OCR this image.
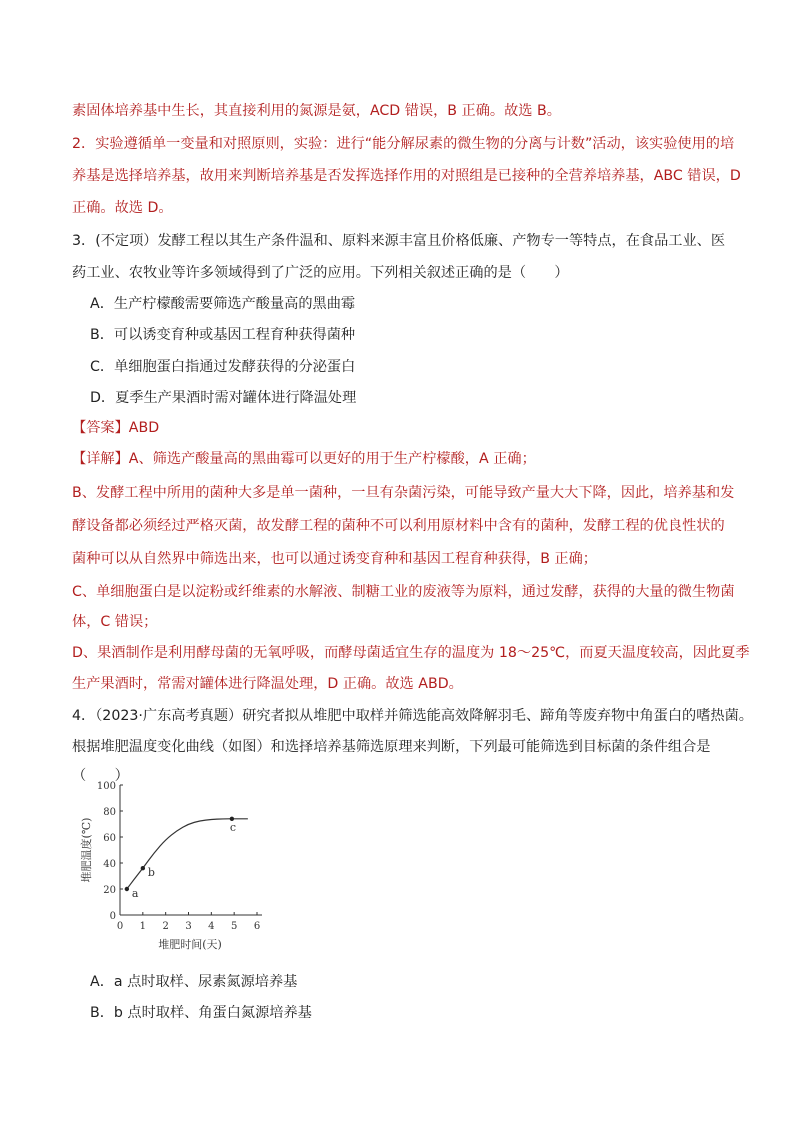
素固体培养基中生长，其直接利用的氮源是氨，ACD 错误，B 正确。故选 B。
2．实验遵循单一变量和对照原则，实验：进行“能分解尿素的微生物的分离与计数”活动，该实验使用的培
养基是选择培养基，故用来判断培养基是否发挥选择作用的对照组是已接种的全营养培养基，ABC 错误，D
正确。故选 D。
3．(不定项）发酵工程以其生产条件温和、原料来源丰富且价格低廉、产物专一等特点，在食品工业、医
药工业、农牧业等许多领域得到了广泛的应用。下列相关叙述正确的是（　　）
A．生产柠檬酸需要筛选产酸量高的黑曲霉
B．可以诱变育种或基因工程育种获得菌种
C．单细胞蛋白指通过发酵获得的分泌蛋白
D．夏季生产果酒时需对罐体进行降温处理
【答案】ABD
【详解】A、筛选产酸量高的黑曲霉可以更好的用于生产柠檬酸，A 正确；
B、发酵工程中所用的菌种大多是单一菌种，一旦有杂菌污染，可能导致产量大大下降，因此，培养基和发
酵设备都必须经过严格灭菌，故发酵工程的菌种不可以利用原材料中含有的菌种，发酵工程的优良性状的
菌种可以从自然界中筛选出来，也可以通过诱变育种和基因工程育种获得，B 正确；
C、单细胞蛋白是以淀粉或纤维素的水解液、制糖工业的废液等为原料，通过发酵，获得的大量的微生物菌
体，C 错误；
D、果酒制作是利用酵母菌的无氧呼吸，而酵母菌适宜生存的温度为 18～25℃，而夏天温度较高，因此夏季
生产果酒时，常需对罐体进行降温处理，D 正确。故选 ABD。
4．（2023·广东高考真题）研究者拟从堆肥中取样并筛选能高效降解羽毛、蹄角等废弃物中角蛋白的嗜热菌。
根据堆肥温度变化曲线（如图）和选择培养基筛选原理来判断，下列最可能筛选到目标菌的条件组合是
（　　）
0
20
40
60
80
100
0 1 2 3 4 5 6
a
b
c
堆肥温度(℃)
堆肥时间(天)
A．a 点时取样、尿素氮源培养基
B．b 点时取样、角蛋白氮源培养基
